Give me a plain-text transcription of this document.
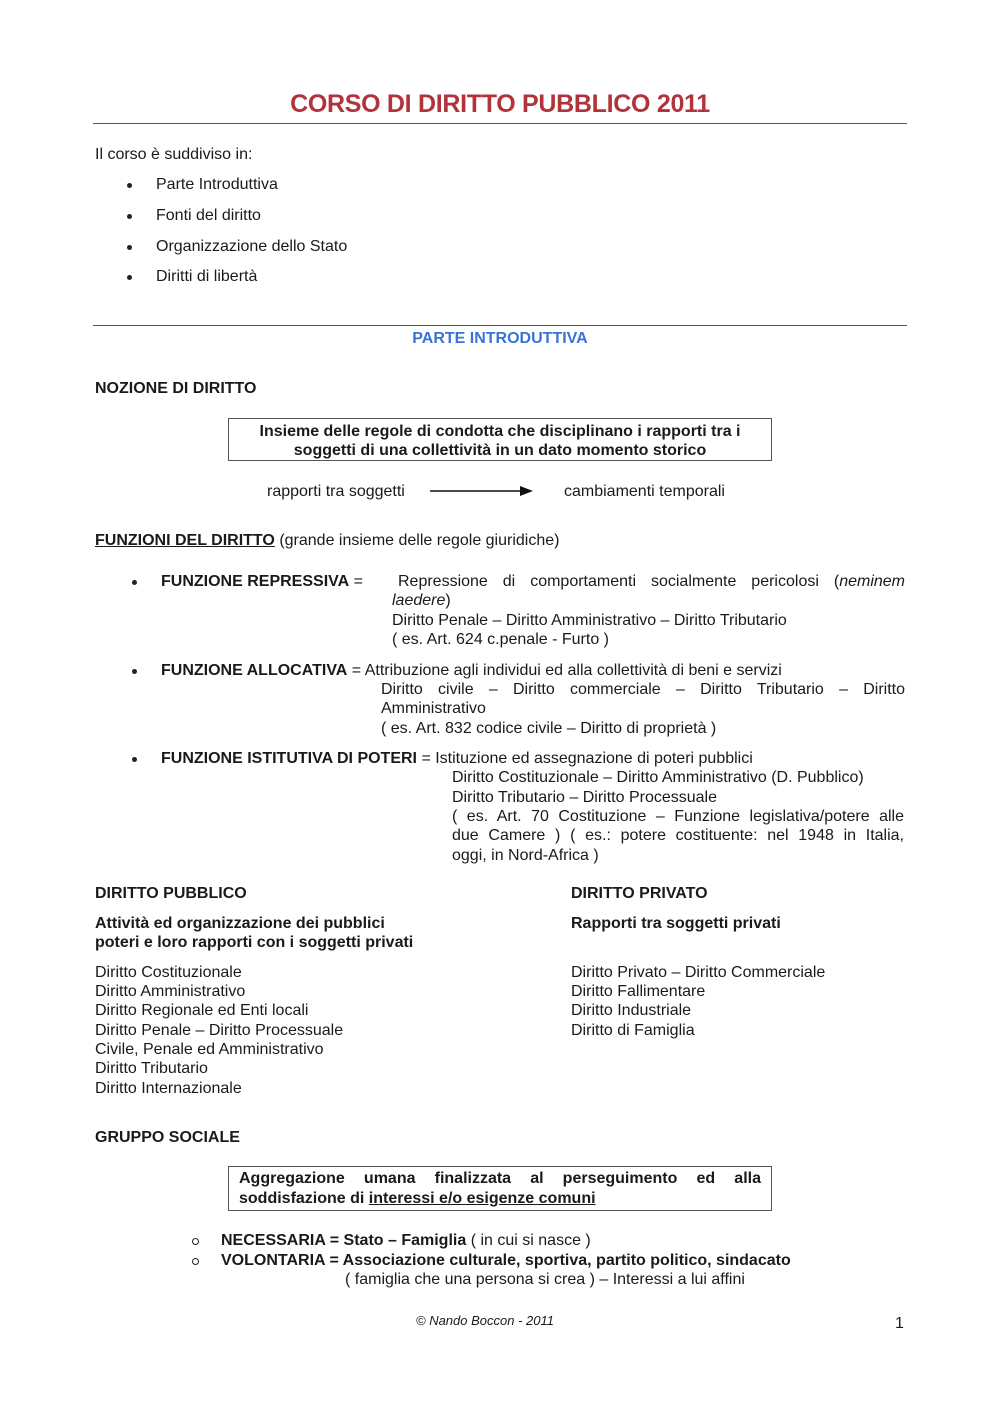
CORSO DI DIRITTO PUBBLICO 2011
Il corso è suddiviso in:
Parte Introduttiva
Fonti del diritto
Organizzazione dello Stato
Diritti di libertà
PARTE INTRODUTTIVA
NOZIONE DI DIRITTO
Insieme delle regole di condotta che disciplinano i rapporti tra i
soggetti di una collettività in un dato momento storico
rapporti tra soggetti	cambiamenti temporali
FUNZIONI DEL DIRITTO (grande insieme delle regole giuridiche)
FUNZIONE REPRESSIVA = Repressione di comportamenti socialmente pericolosi (neminem
laedere)
Diritto Penale – Diritto Amministrativo – Diritto Tributario
( es. Art. 624 c.penale - Furto )
FUNZIONE ALLOCATIVA = Attribuzione agli individui ed alla collettività di beni e servizi
Diritto civile – Diritto commerciale – Diritto Tributario – Diritto
Amministrativo
( es. Art. 832 codice civile – Diritto di proprietà )
FUNZIONE ISTITUTIVA DI POTERI = Istituzione ed assegnazione di poteri pubblici
Diritto Costituzionale – Diritto Amministrativo (D. Pubblico)
Diritto Tributario – Diritto Processuale
( es. Art. 70 Costituzione – Funzione legislativa/potere alle
due Camere ) ( es.: potere costituente: nel 1948 in Italia,
oggi, in Nord-Africa )
DIRITTO PUBBLICO
Attività ed organizzazione dei pubblici
poteri e loro rapporti con i soggetti privati
Diritto Costituzionale
Diritto Amministrativo
Diritto Regionale ed Enti locali
Diritto Penale – Diritto Processuale
Civile, Penale ed Amministrativo
Diritto Tributario
Diritto Internazionale
DIRITTO PRIVATO
Rapporti tra soggetti privati
Diritto Privato – Diritto Commerciale
Diritto Fallimentare
Diritto Industriale
Diritto di Famiglia
GRUPPO SOCIALE
Aggregazione umana finalizzata al perseguimento ed alla
soddisfazione di interessi e/o esigenze comuni
NECESSARIA = Stato – Famiglia ( in cui si nasce )
VOLONTARIA = Associazione culturale, sportiva, partito politico, sindacato
( famiglia che una persona si crea ) – Interessi a lui affini
© Nando Boccon - 2011	1
